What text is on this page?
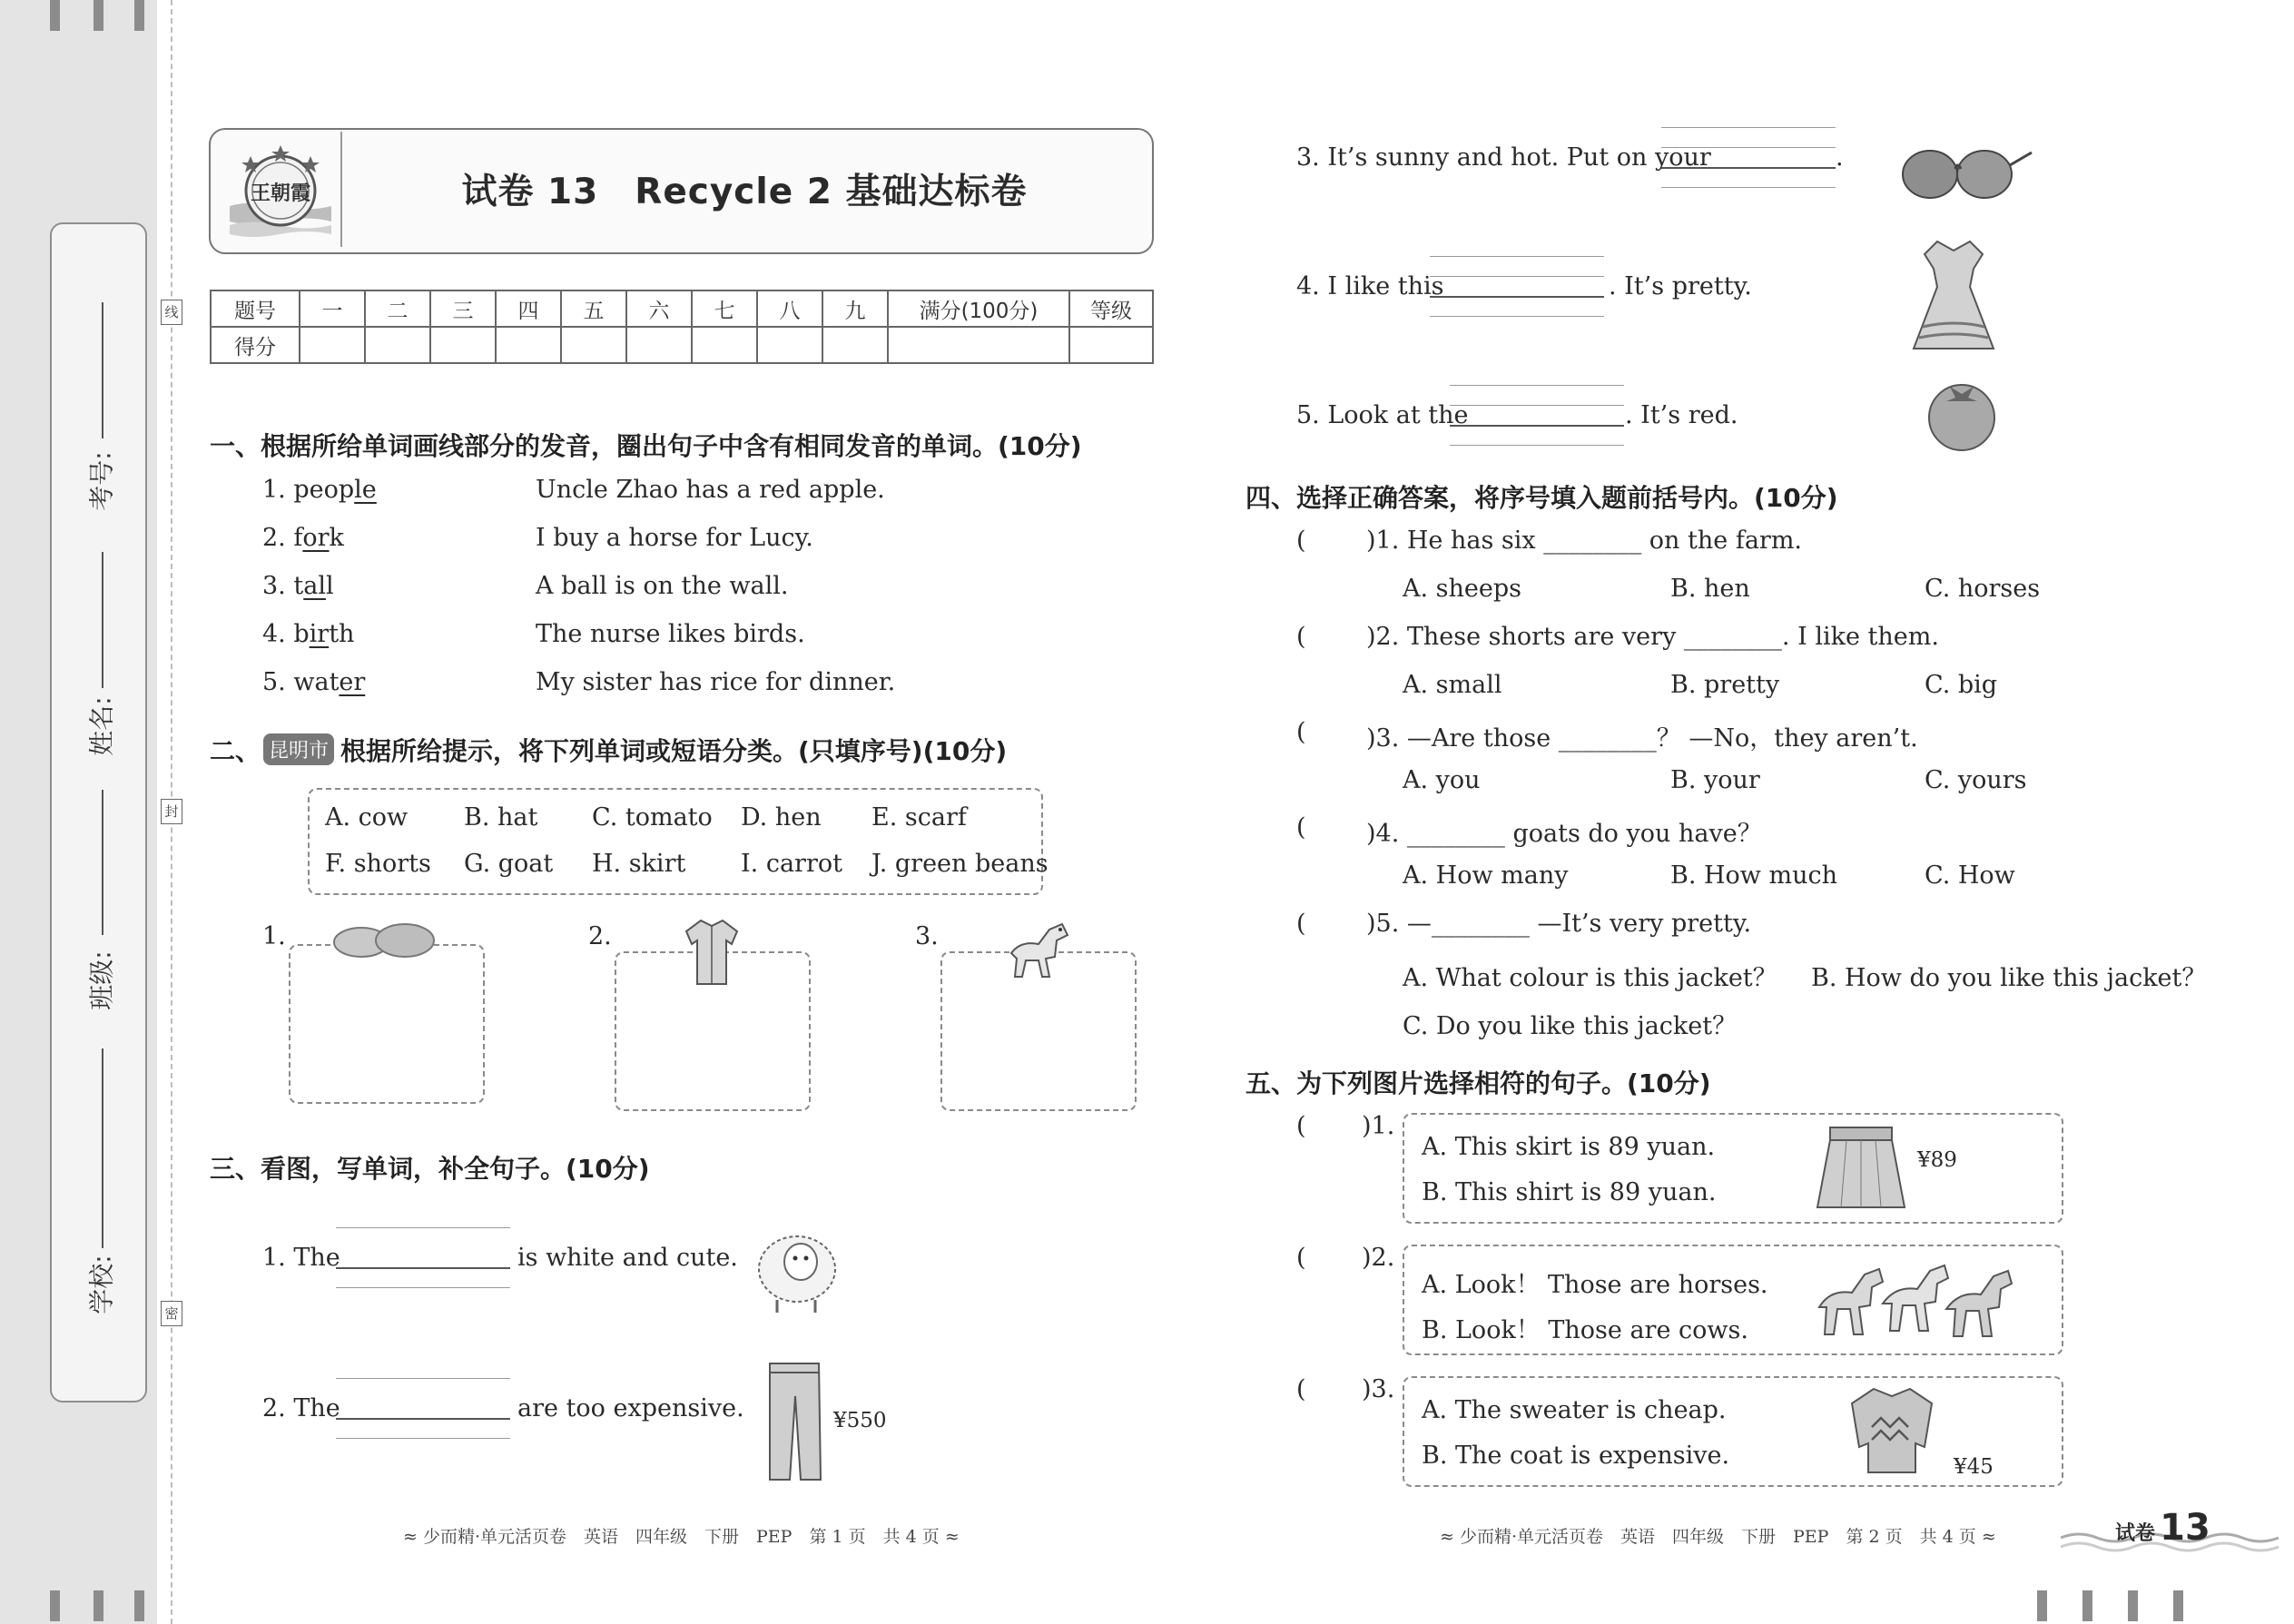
考号:
姓名:
班级:
学校:
线
封
密
王朝霞	试卷 13　Recycle 2 基础达标卷
题号	一	二	三	四	五	六	七	八	九	满分(100分)	等级
得分											
一、根据所给单词画线部分的发音，圈出句子中含有相同发音的单词。(10分)
1. people	Uncle Zhao has a red apple.
2. fork	I buy a horse for Lucy.
3. tall	A ball is on the wall.
4. birth	The nurse likes birds.
5. water	My sister has rice for dinner.
二、 昆明市 根据所给提示，将下列单词或短语分类。(只填序号)(10分)
A. cow B. hat C. tomato D. hen E. scarf
F. shorts G. goat H. skirt I. carrot J. green beans
1.	2.	3.
三、看图，写单词，补全句子。(10分)
1. The	is white and cute.
2. The	are too expensive.	¥550
3. It’s sunny and hot. Put on your	.
4. I like this	. It’s pretty.
5. Look at the	. It’s red.
四、选择正确答案，将序号填入题前括号内。(10分)
( )1. He has six ________ on the farm.
A. sheeps	B. hen	C. horses
( )2. These shorts are very ________. I like them.
A. small	B. pretty	C. big
( )3. —Are those ________？ —No，they aren’t.
A. you	B. your	C. yours
( )4. ________ goats do you have？
A. How many	B. How much	C. How
( )5. —________ —It’s very pretty.
A. What colour is this jacket？ B. How do you like this jacket？
C. Do you like this jacket？
五、为下列图片选择相符的句子。(10分)
( )1.
A. This skirt is 89 yuan.
B. This shirt is 89 yuan.
¥89
( )2.
A. Look！ Those are horses.
B. Look！ Those are cows.
( )3.
A. The sweater is cheap.
B. The coat is expensive.	¥45
≈ 少而精·单元活页卷　英语　四年级　下册　PEP　第 1 页　共 4 页 ≈	≈ 少而精·单元活页卷　英语　四年级　下册　PEP　第 2 页　共 4 页 ≈	试卷 13
